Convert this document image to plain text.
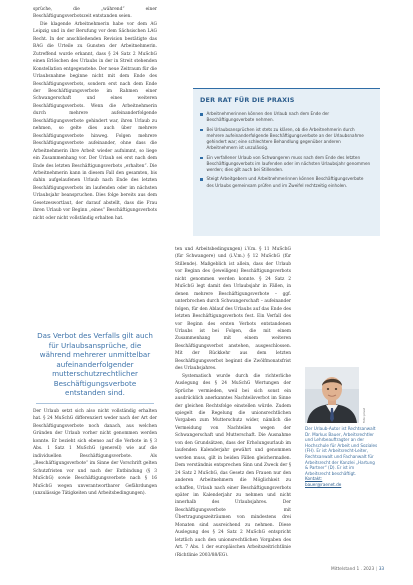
sprüche, die „während“ einer Beschäftigungsverbotszeit entstanden seien.

Die klagende Arbeitnehmerin habe vor dem AG Leipzig und in der Berufung vor dem Sächsischen LAG Recht. In der anschließenden Revision bestätigte das BAG die Urteile zu Gunsten der Arbeitnehmerin. Zutreffend wurde erkannt, dass § 24 Satz 2 MuSchG einen Erlöschen des Urlaubs in der in Streit stehenden Konstellation entgegenstehe. Der neue Zeitraum für die Urlaubsnahme beginne nicht mit dem Ende des Beschäftigungsverbots, sondern erst nach dem Ende der Beschäftigungsverbote im Rahmen einer Schwangerschaft und eines weiteren Beschäftigungsverbots. Wenn die Arbeitnehmerin durch mehrere aufeinanderfolgende Beschäftigungsverbote gehindert war, ihren Urlaub zu nehmen, so gelte dies auch über mehrere Beschäftigungsverbote hinweg. Folgen mehrere Beschäftigungsverbote aufeinander, ohne dass die Arbeitnehmerin ihre Arbeit wieder aufnimmt, so liege ein Zusammenhang vor. Der Urlaub sei erst nach dem Ende des letzten Beschäftigungsverbots „erhalten“. Die Arbeitnehmerin kann in diesem Fall den gesamten, bis dahin aufgelaufenen Urlaub nach Ende des letzten Beschäftigungsverbots im laufenden oder im nächsten Urlaubsjahr beanspruchen. Dies folge bereits aus dem Gesetzeswortlaut, der darauf abstellt, dass die Frau ihren Urlaub vor Beginn „eines“ Beschäftigungsverbots nicht oder nicht vollständig erhalten hat.

Das Verbot des Verfalls gilt auch für Urlaubsansprüche, die während mehrerer unmittelbar aufeinanderfolgender mutterschutzrechtlicher Beschäftigungsverbote entstanden sind.

Der Urlaub setzt sich also nicht vollständig erhalten hat. § 24 MuSchG differenziert weder nach der Art der Beschäftigungsverbote noch danach, aus welchen Gründen der Urlaub vorher nicht genommen werden konnte. Er bezieht sich ebenso auf die Verbote in § 3 Abs. 1 Satz 1 MuSchG (generell) wie auf die individuellen Beschäftigungsverbote. Als „Beschäftigungsverbote“ im Sinne der Vorschrift gelten Schutzfristen vor und nach der Entbindung (§ 3 MuSchG) sowie Beschäftigungsverbote nach § 16 MuSchG wegen unverantwortbarer Gefährdungen (unzulässige Tätigkeiten und Arbeitsbedingungen).

DER RAT FÜR DIE PRAXIS
Arbeitnehmerinnen können den Urlaub nach dem Ende der Beschäftigungsverbote nehmen.
Bei Urlaubsansprüchen ist stets zu klären, ob die Arbeitnehmerin durch mehrere aufeinanderfolgende Beschäftigungsverbote an der Urlaubsnahme gehindert war; eine schlechtere Behandlung gegenüber anderen Arbeitnehmern ist unzulässig.
Ein verfallener Urlaub von Schwangeren muss nach dem Ende des letzten Beschäftigungsverbots im laufenden oder im nächsten Urlaubsjahr genommen werden; dies gilt auch bei Stillenden.
Steigt Arbeitgebern und Arbeitnehmerinnen können Beschäftigungsverbote des Urlaubs gemeinsam prüfen und im Zweifel rechtzeitig einholen.

ten und Arbeitsbedingungen) i.V.m. § 11 MuSchG (für Schwangere) und (i.V.m.) § 12 MuSchG (für Stillende). Maßgeblich ist allein, dass der Urlaub vor Beginn des (jeweiligen) Beschäftigungsverbots nicht genommen werden konnte. § 24 Satz 2 MuSchG legt damit den Urlaubsjahr in Fällen, in denen mehrere Beschäftigungsverbote – ggf. unterbrochen durch Schwangerschaft – aufeinander folgen, für den Ablauf des Urlaubs auf das Ende des letzten Beschäftigungsverbots fest. Ein Verfall des vor Beginn des ersten Verbots entstandenen Urlaubs ist bei Folgen, die mit einem Zusammenhang mit einem weiteren Beschäftigungsverbot anstehen, ausgeschlossen. Mit der Rückkehr aus dem letzten Beschäftigungsverbot beginnt die Zwölfmonatsfrist des Urlaubsjahres.

Systematisch wurde durch die richterliche Auslegung des § 24 MuSchG Wertungen der Sprüche vermieden, weil bei sich sonst ein ausdrücklich anerkanntes Nachteilsverbot im Sinne der gleichen Rechtsfolge einstellen würde. Zudem spiegelt die Regelung die unionsrechtlichen Vorgaben zum Mutterschutz wider, nämlich die Vermeidung von Nachteilen wegen der Schwangerschaft und Mutterschaft. Die Ausnahme von den Grundsätzen, dass der Erholungsurlaub im laufenden Kalenderjahr gewährt und genommen werden muss, gilt in beiden Fällen gleichermaßen. Dem verständnis entsprechen Sinn und Zweck der § 24 Satz 2 MuSchG, das Gesetz den Frauen nur den anderen Arbeitnehmern die Möglichkeit zu schaffen, Urlaub nach einer Beschäftigungsverbots später im Kalenderjahr zu nehmen und nicht innerhalb des Urlaubsjahres. Der Beschäftigungsverbote mit Übertragungszeiträumen von mindestens drei Monaten sind ausreichend zu nehmen. Diese Auslegung des § 24 Satz 2 MuSchG entspricht letztlich auch den unionsrechtlichen Vorgaben des Art. 7 Abs. 1 der europäischen Arbeitszeitrichtlinie (Richtlinie 2003/88/EG).

Foto: privat
Der Urlaub-Autor ist Rechtsanwalt Dr. Markus Bauer, Arbeitsrechtler und Lehrbeauftragter an der Hochschule für Arbeit und Soziales (FH). Er ist Arbeitsrecht-Leiter, Rechtsanwalt und Fachanwalt für Arbeitsrecht der Kanzlei „Hartung & Partner“ (D). Er ist im Arbeitsrecht beschäftigt.
Kontakt:
bauer@raenet.de
Mittelstand 1 . 2023 | 33
